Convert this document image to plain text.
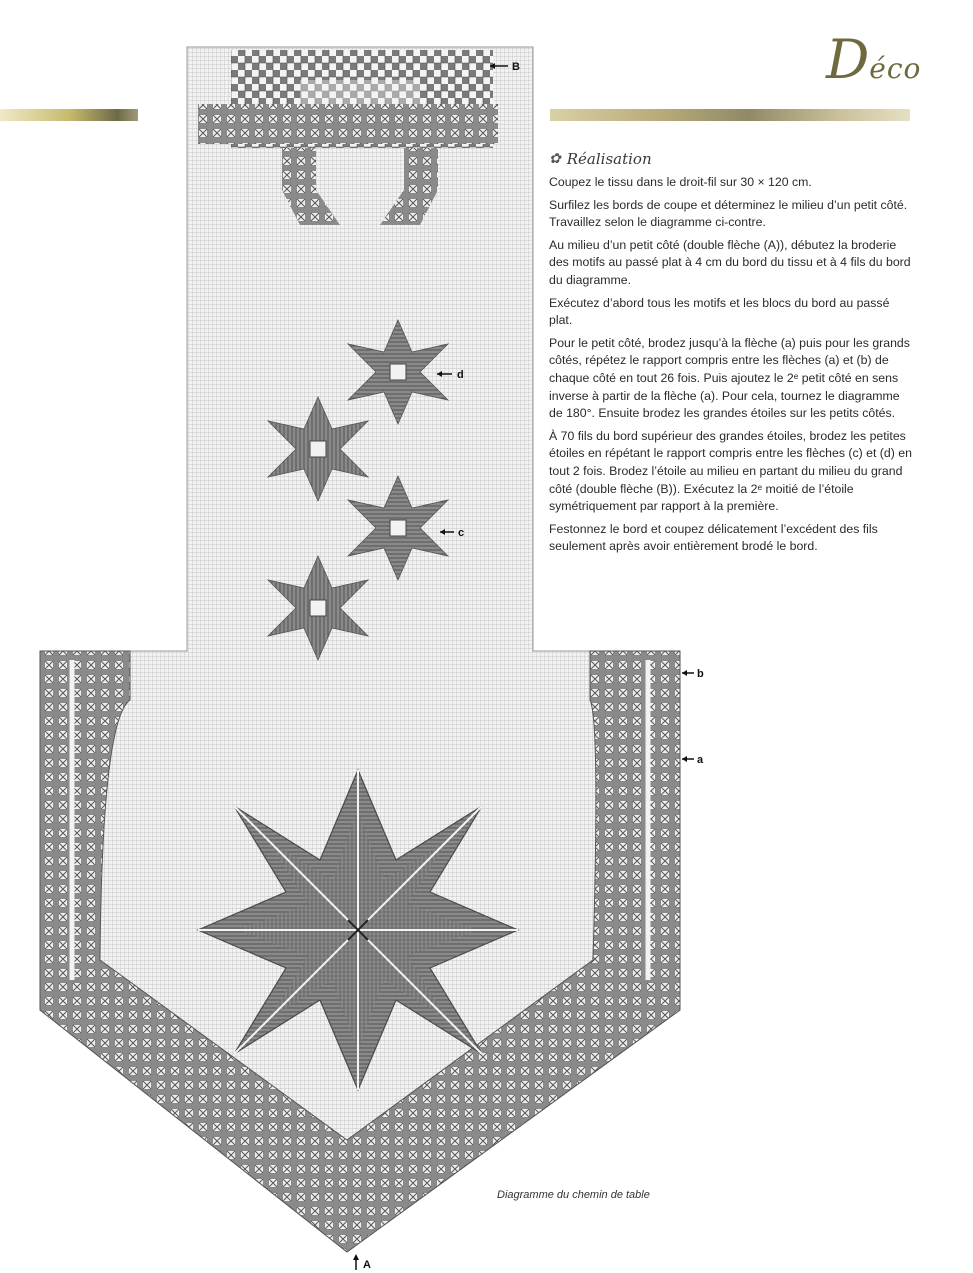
Déco
B
d
c
b
a
A
✿ Réalisation

Coupez le tissu dans le droit-fil sur 30 × 120 cm.

Surfilez les bords de coupe et déterminez le milieu d’un petit côté. Travaillez selon le diagramme ci-contre.

Au milieu d’un petit côté (double flèche (A)), débutez la broderie des motifs au passé plat à 4 cm du bord du tissu et à 4 fils du bord du diagramme.

Exécutez d’abord tous les motifs et les blocs du bord au passé plat.

Pour le petit côté, brodez jusqu’à la flèche (a) puis pour les grands côtés, répétez le rapport compris entre les flèches (a) et (b) de chaque côté en tout 26 fois. Puis ajoutez le 2ᵉ petit côté en sens inverse à partir de la flèche (a). Pour cela, tournez le diagramme de 180°. Ensuite brodez les grandes étoiles sur les petits côtés.

À 70 fils du bord supérieur des grandes étoiles, brodez les petites étoiles en répétant le rapport compris entre les flèches (c) et (d) en tout 2 fois. Brodez l’étoile au milieu en partant du milieu du grand côté (double flèche (B)). Exécutez la 2ᵉ moitié de l’étoile symétriquement par rapport à la première.

Festonnez le bord et coupez délicatement l’excédent des fils seulement après avoir entièrement brodé le bord.

Diagramme du chemin de table
